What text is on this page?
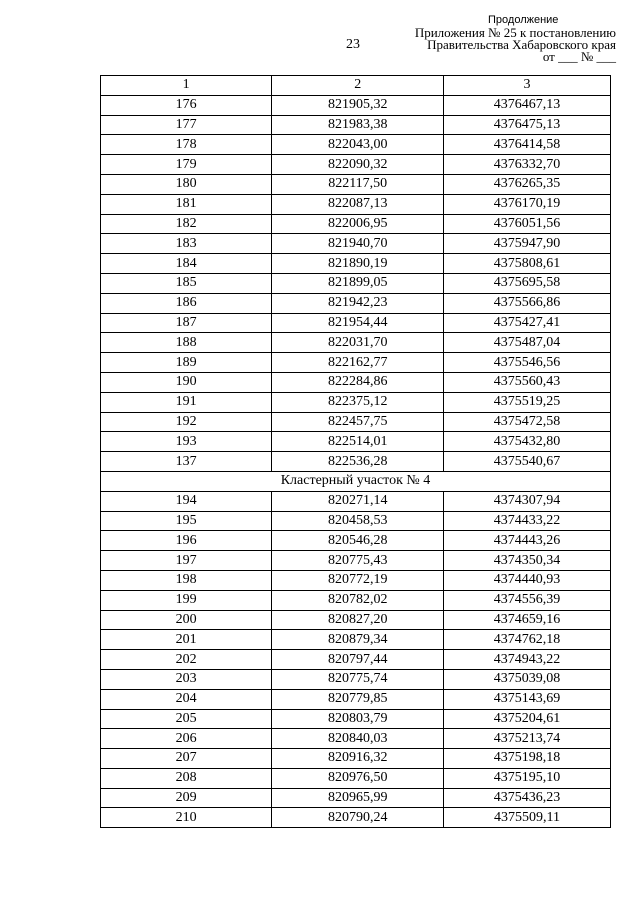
23
Продолжение
Приложения № 25 к постановлению
Правительства Хабаровского края
от ___ № ___
1	2	3
176	821905,32	4376467,13
177	821983,38	4376475,13
178	822043,00	4376414,58
179	822090,32	4376332,70
180	822117,50	4376265,35
181	822087,13	4376170,19
182	822006,95	4376051,56
183	821940,70	4375947,90
184	821890,19	4375808,61
185	821899,05	4375695,58
186	821942,23	4375566,86
187	821954,44	4375427,41
188	822031,70	4375487,04
189	822162,77	4375546,56
190	822284,86	4375560,43
191	822375,12	4375519,25
192	822457,75	4375472,58
193	822514,01	4375432,80
137	822536,28	4375540,67
Кластерный участок № 4		
194	820271,14	4374307,94
195	820458,53	4374433,22
196	820546,28	4374443,26
197	820775,43	4374350,34
198	820772,19	4374440,93
199	820782,02	4374556,39
200	820827,20	4374659,16
201	820879,34	4374762,18
202	820797,44	4374943,22
203	820775,74	4375039,08
204	820779,85	4375143,69
205	820803,79	4375204,61
206	820840,03	4375213,74
207	820916,32	4375198,18
208	820976,50	4375195,10
209	820965,99	4375436,23
210	820790,24	4375509,11
